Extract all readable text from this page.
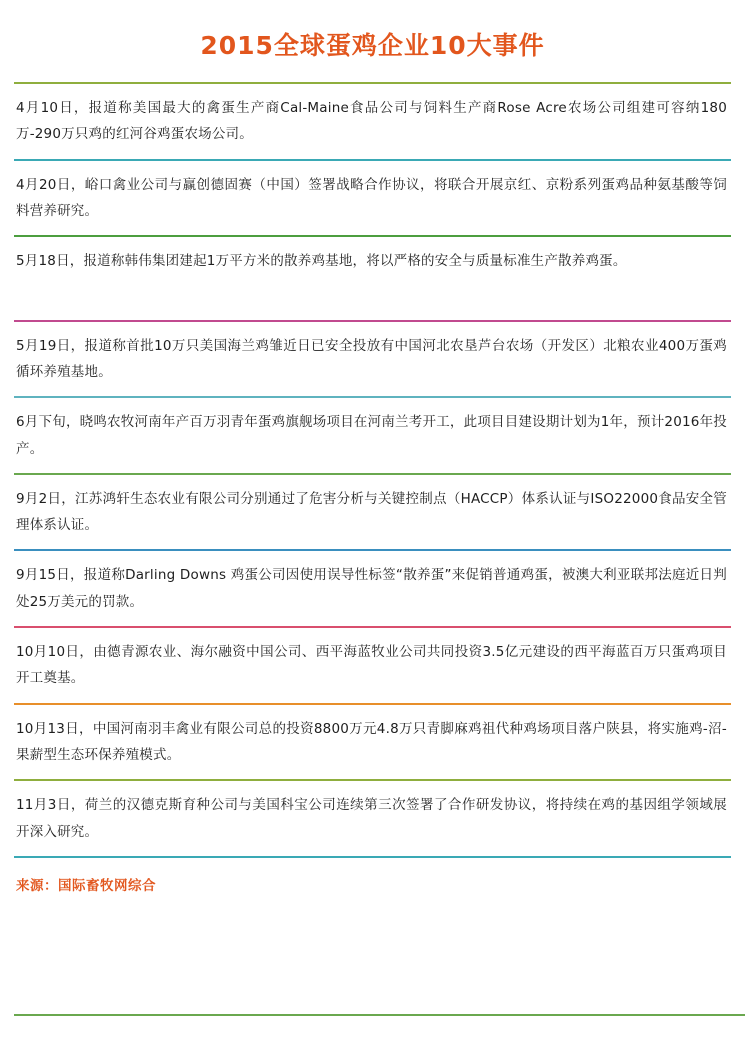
2015全球蛋鸡企业10大事件

4月10日，报道称美国最大的禽蛋生产商Cal-Maine食品公司与饲料生产商Rose Acre农场公司组建可容纳180万-290万只鸡的红河谷鸡蛋农场公司。

4月20日，峪口禽业公司与赢创德固赛（中国）签署战略合作协议，将联合开展京红、京粉系列蛋鸡品种氨基酸等饲料营养研究。

5月18日，报道称韩伟集团建起1万平方米的散养鸡基地，将以严格的安全与质量标准生产散养鸡蛋。

5月19日，报道称首批10万只美国海兰鸡雏近日已安全投放有中国河北农垦芦台农场（开发区）北粮农业400万蛋鸡循环养殖基地。

6月下旬，晓鸣农牧河南年产百万羽青年蛋鸡旗舰场项目在河南兰考开工，此项目目建设期计划为1年，预计2016年投产。

9月2日，江苏鸿轩生态农业有限公司分别通过了危害分析与关键控制点（HACCP）体系认证与ISO22000食品安全管理体系认证。

9月15日，报道称Darling Downs 鸡蛋公司因使用误导性标签“散养蛋”来促销普通鸡蛋，被澳大利亚联邦法庭近日判处25万美元的罚款。

10月10日，由德青源农业、海尔融资中国公司、西平海蓝牧业公司共同投资3.5亿元建设的西平海蓝百万只蛋鸡项目开工奠基。

10月13日，中国河南羽丰禽业有限公司总的投资8800万元4.8万只青脚麻鸡祖代种鸡场项目落户陕县，将实施鸡-沼-果薪型生态环保养殖模式。

11月3日，荷兰的汉德克斯育种公司与美国科宝公司连续第三次签署了合作研发协议，将持续在鸡的基因组学领域展开深入研究。

来源：国际畜牧网综合
